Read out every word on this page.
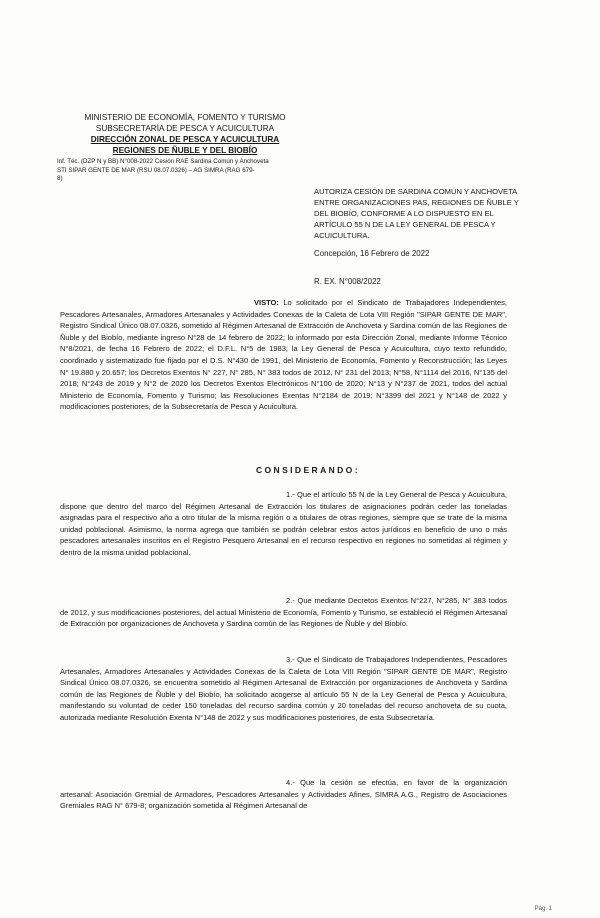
MINISTERIO DE ECONOMÍA, FOMENTO Y TURISMO
SUBSECRETARÍA DE PESCA Y ACUICULTURA
DIRECCIÓN ZONAL DE PESCA Y ACUICULTURA
REGIONES DE ÑUBLE Y DEL BIOBÍO
Inf. Téc. (DZP Ñ y BB) N°008-2022 Cesión RAE Sardina Común y Anchoveta
STI SIPAR GENTE DE MAR (RSU 08.07.0326) – AG SIMRA (RAG 679-
8)
AUTORIZA CESIÓN DE SARDINA COMÚN Y ANCHOVETA ENTRE ORGANIZACIONES PAS, REGIONES DE ÑUBLE Y DEL BIOBÍO, CONFORME A LO DISPUESTO EN EL ARTÍCULO 55 N DE LA LEY GENERAL DE PESCA Y ACUICULTURA.
Concepción, 16 Febrero de 2022
R. EX. N°008/2022
VISTO: Lo solicitado por el Sindicato de Trabajadores Independientes, Pescadores Artesanales, Armadores Artesanales y Actividades Conexas de la Caleta de Lota VIII Región "SIPAR GENTE DE MAR", Registro Sindical Único 08.07.0326, sometido al Régimen Artesanal de Extracción de Anchoveta y Sardina común de las Regiones de Ñuble y del Biobío, mediante ingreso N°28 de 14 febrero de 2022; lo informado por esta Dirección Zonal, mediante Informe Técnico N°8/2021, de fecha 16 Febrero de 2022; el D.F.L. N°5 de 1983; la Ley General de Pesca y Acuicultura, cuyo texto refundido, coordinado y sistematizado fue fijado por el D.S. N°430 de 1991, del Ministerio de Economía, Fomento y Reconstrucción; las Leyes N° 19.880 y 20.657; los Decretos Exentos N° 227, N° 285, N° 383 todos de 2012, N° 231 del 2013; N°58, N°1114 del 2016, N°135 del 2018; N°243 de 2019 y N°2 de 2020 los Decretos Exentos Electrónicos N°100 de 2020; N°13 y N°237 de 2021, todos del actual Ministerio de Economía, Fomento y Turismo; las Resoluciones Exentas N°2184 de 2019; N°3399 del 2021 y N°148 de 2022 y modificaciones posteriores, de la Subsecretaría de Pesca y Acuicultura.
CONSIDERANDO:
1.- Que el artículo 55 N de la Ley General de Pesca y Acuicultura, dispone que dentro del marco del Régimen Artesanal de Extracción los titulares de asignaciones podrán ceder las toneladas asignadas para el respectivo año a otro titular de la misma región o a titulares de otras regiones, siempre que se trate de la misma unidad poblacional. Asimismo, la norma agrega que también se podrán celebrar estos actos jurídicos en beneficio de uno o más pescadores artesanales inscritos en el Registro Pesquero Artesanal en el recurso respectivo en regiones no sometidas al régimen y dentro de la misma unidad poblacional.
2.- Que mediante Decretos Exentos N°227, N°285, N° 383 todos de 2012, y sus modificaciones posteriores, del actual Ministerio de Economía, Fomento y Turismo, se estableció el Régimen Artesanal de Extracción por organizaciones de Anchoveta y Sardina común de las Regiones de Ñuble y del Biobío.
3.- Que el Sindicato de Trabajadores Independientes, Pescadores Artesanales, Armadores Artesanales y Actividades Conexas de la Caleta de Lota VIII Región "SIPAR GENTE DE MAR", Registro Sindical Único 08.07.0326, se encuentra sometido al Régimen Artesanal de Extracción por organizaciones de Anchoveta y Sardina común de las Regiones de Ñuble y del Biobío, ha solicitado acogerse al artículo 55 N de la Ley General de Pesca y Acuicultura, manifestando su voluntad de ceder 150 toneladas del recurso sardina común y 20 toneladas del recurso anchoveta de su cuota, autorizada mediante Resolución Exenta N°148 de 2022 y sus modificaciones posteriores, de esta Subsecretaría.
4.- Que la cesión se efectúa, en favor de la organización artesanal: Asociación Gremial de Armadores, Pescadores Artesanales y Actividades Afines, SIMRA A.G., Registro de Asociaciones Gremiales RAG N° 679-8; organización sometida al Régimen Artesanal de
Pág. 1
